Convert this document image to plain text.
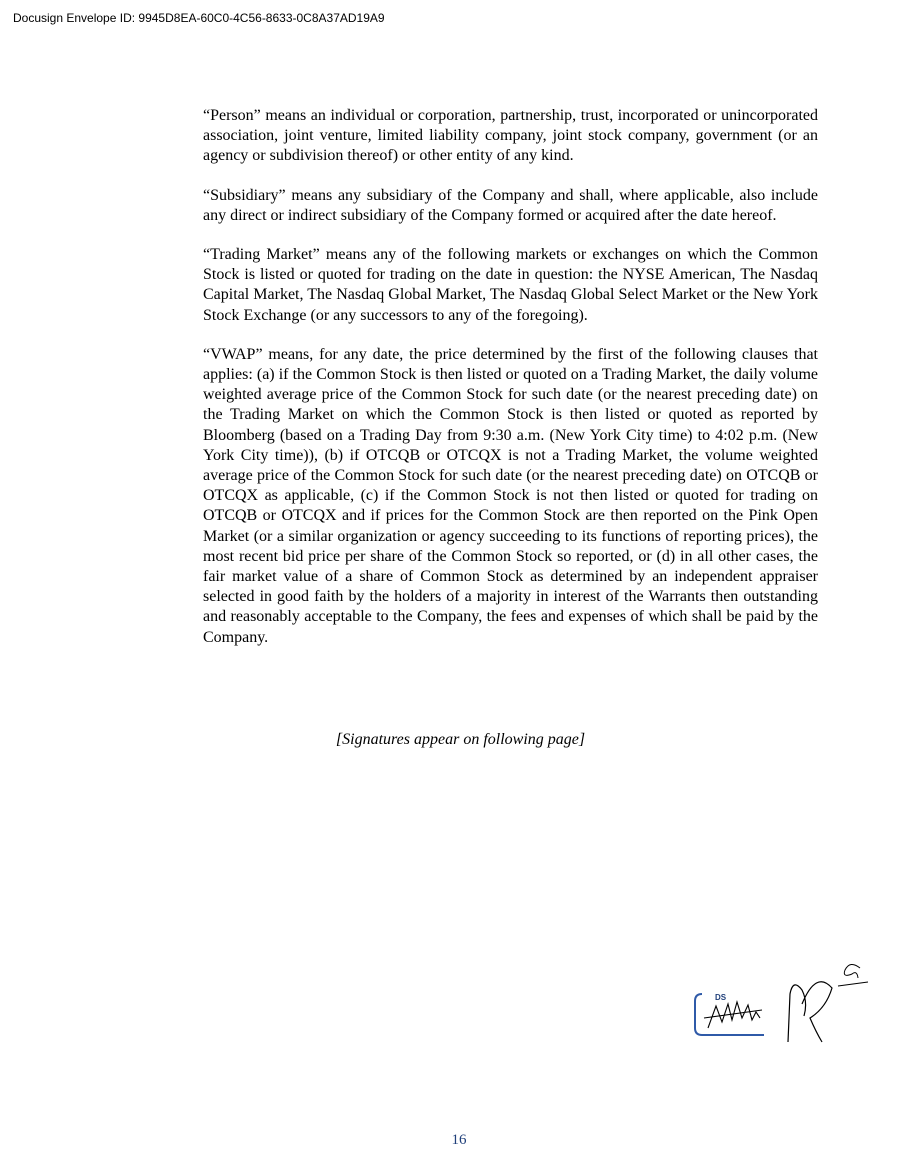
Docusign Envelope ID: 9945D8EA-60C0-4C56-8633-0C8A37AD19A9

“Person” means an individual or corporation, partnership, trust, incorporated or unincorporated association, joint venture, limited liability company, joint stock company, government (or an agency or subdivision thereof) or other entity of any kind.

“Subsidiary” means any subsidiary of the Company and shall, where applicable, also include any direct or indirect subsidiary of the Company formed or acquired after the date hereof.

“Trading Market” means any of the following markets or exchanges on which the Common Stock is listed or quoted for trading on the date in question: the NYSE American, The Nasdaq Capital Market, The Nasdaq Global Market, The Nasdaq Global Select Market or the New York Stock Exchange (or any successors to any of the foregoing).

“VWAP” means, for any date, the price determined by the first of the following clauses that applies: (a) if the Common Stock is then listed or quoted on a Trading Market, the daily volume weighted average price of the Common Stock for such date (or the nearest preceding date) on the Trading Market on which the Common Stock is then listed or quoted as reported by Bloomberg (based on a Trading Day from 9:30 a.m. (New York City time) to 4:02 p.m. (New York City time)), (b) if OTCQB or OTCQX is not a Trading Market, the volume weighted average price of the Common Stock for such date (or the nearest preceding date) on OTCQB or OTCQX as applicable, (c) if the Common Stock is not then listed or quoted for trading on OTCQB or OTCQX and if prices for the Common Stock are then reported on the Pink Open Market (or a similar organization or agency succeeding to its functions of reporting prices), the most recent bid price per share of the Common Stock so reported, or (d) in all other cases, the fair market value of a share of Common Stock as determined by an independent appraiser selected in good faith by the holders of a majority in interest of the Warrants then outstanding and reasonably acceptable to the Company, the fees and expenses of which shall be paid by the Company.

[Signatures appear on following page]
DS
16
